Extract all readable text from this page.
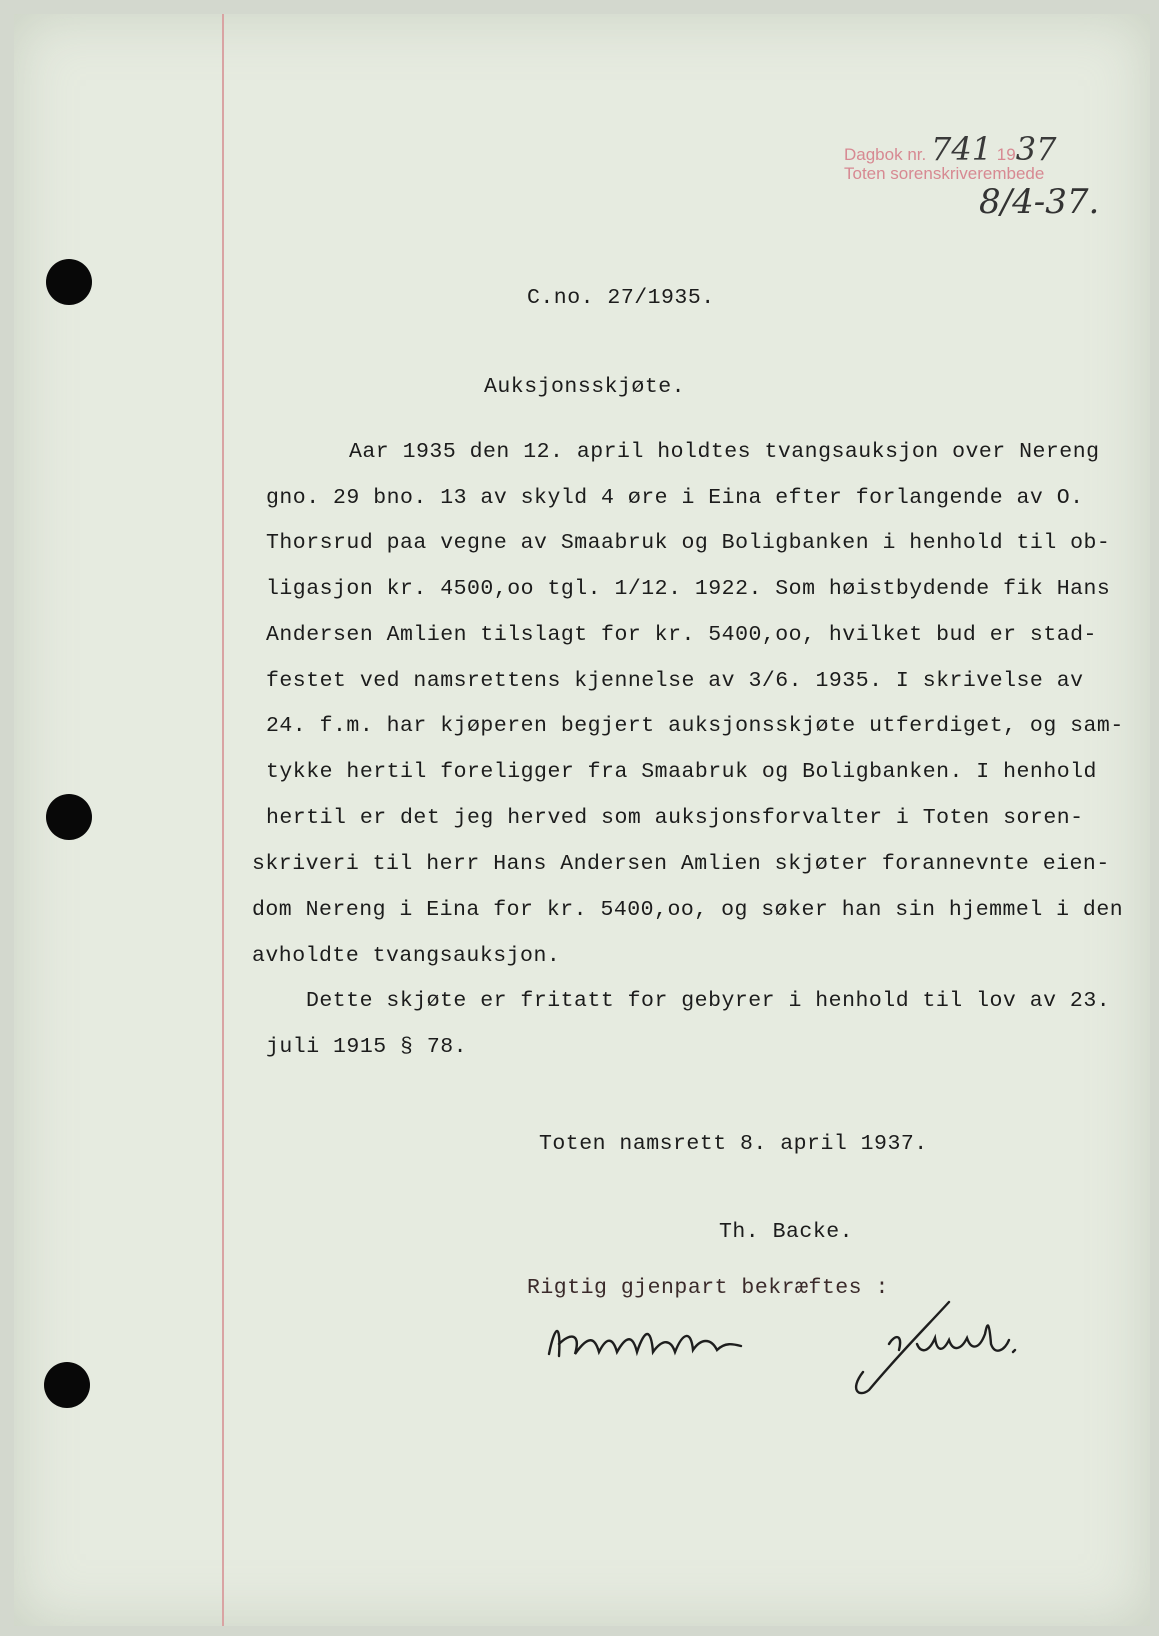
Dagbok nr. 741 1937
Toten sorenskriverembede
8/4-37.
C.no. 27/1935.
Auksjonsskjøte.
Aar 1935 den 12. april holdtes tvangsauksjon over Nereng
gno. 29 bno. 13 av skyld 4 øre i Eina efter forlangende av O.
Thorsrud paa vegne av Smaabruk og Boligbanken i henhold til ob-
ligasjon kr. 4500,oo tgl. 1/12. 1922. Som høistbydende fik Hans
Andersen Amlien tilslagt for kr. 5400,oo, hvilket bud er stad-
festet ved namsrettens kjennelse av 3/6. 1935. I skrivelse av
24. f.m. har kjøperen begjert auksjonsskjøte utferdiget, og sam-
tykke hertil foreligger fra Smaabruk og Boligbanken. I henhold
hertil er det jeg herved som auksjonsforvalter i Toten soren-
skriveri til herr Hans Andersen Amlien skjøter forannevnte eien-
dom Nereng i Eina for kr. 5400,oo, og søker han sin hjemmel i den
avholdte tvangsauksjon.
Dette skjøte er fritatt for gebyrer i henhold til lov av 23.
juli 1915 § 78.
Toten namsrett 8. april 1937.
Th. Backe.
Rigtig gjenpart bekræftes :
